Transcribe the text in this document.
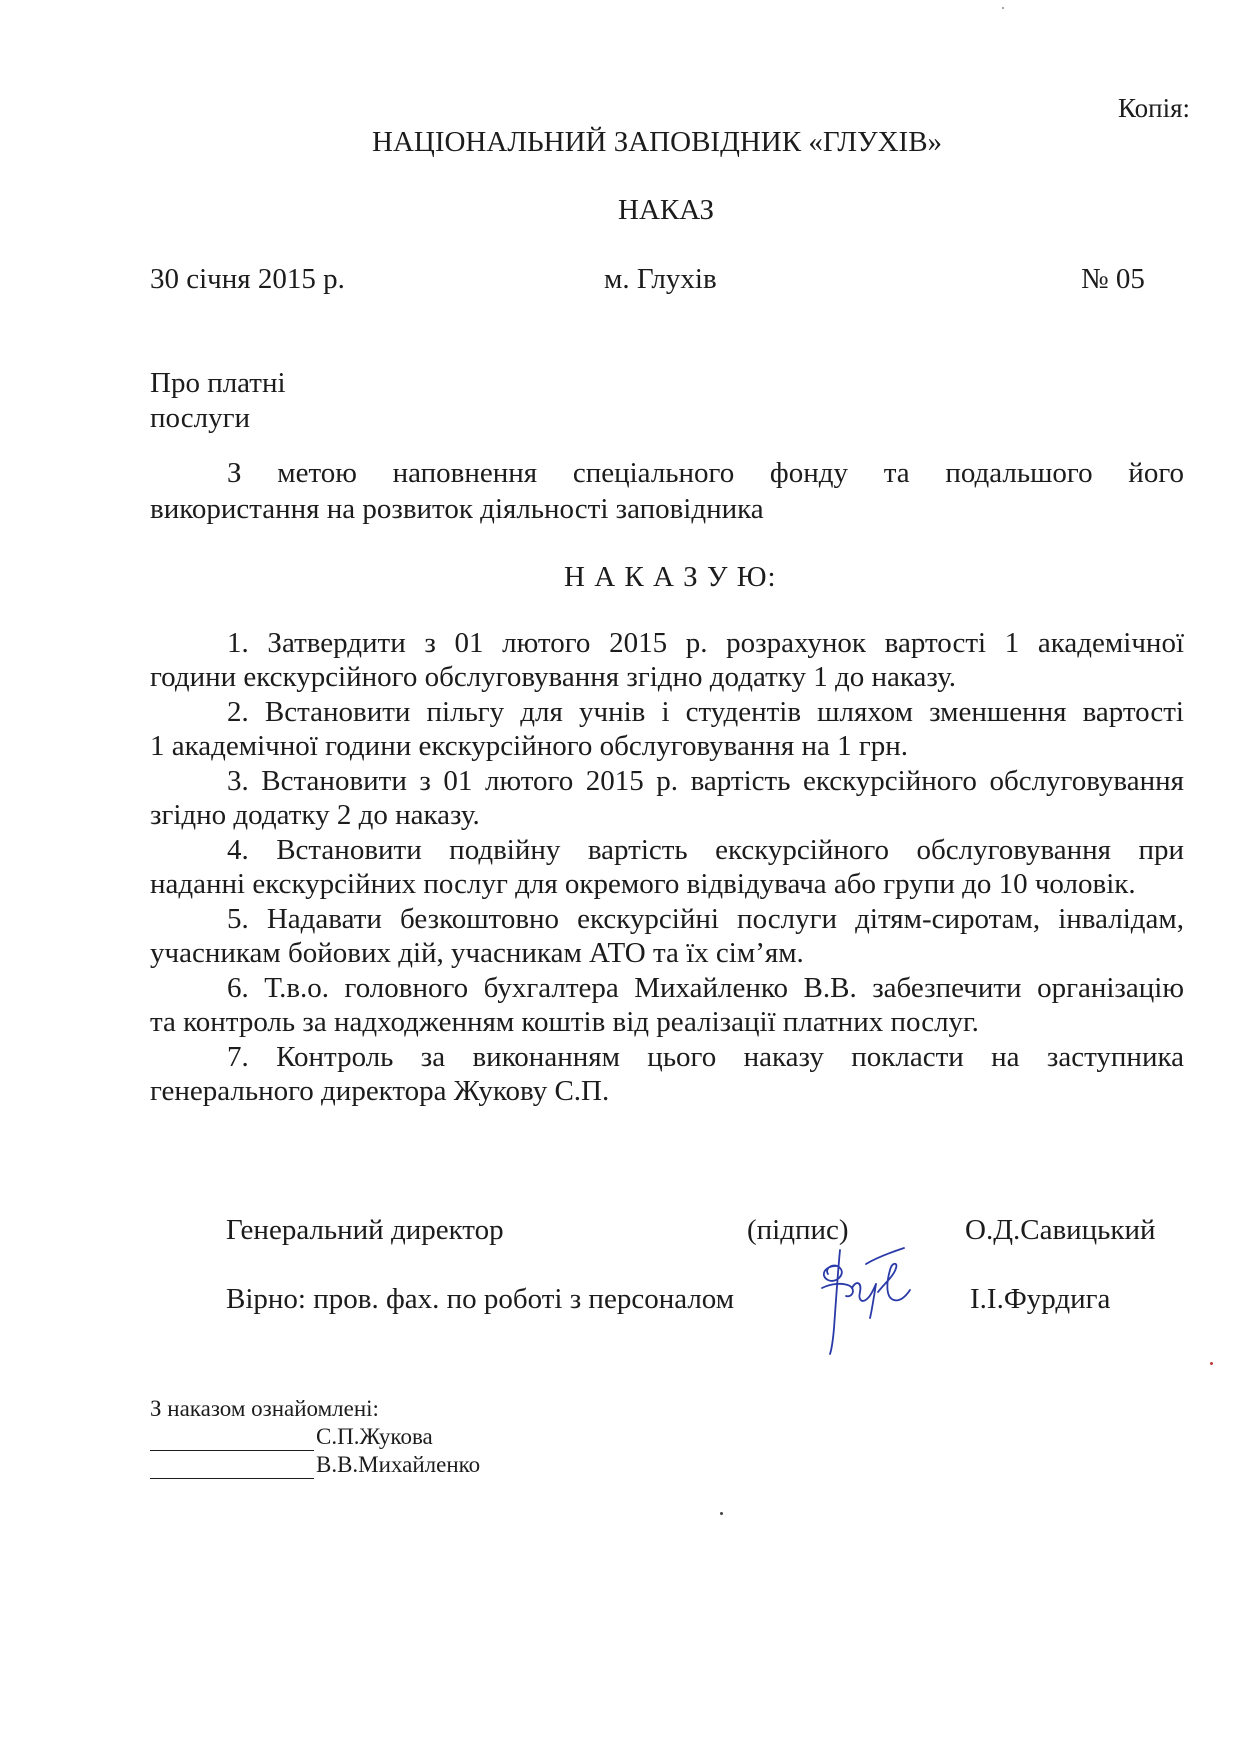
Копія:
НАЦІОНАЛЬНИЙ ЗАПОВІДНИК «ГЛУХІВ»
НАКАЗ
30 січня 2015 р.	м. Глухів	№ 05
Про платні
послуги
З метою наповнення спеціального фонду та подальшого його
використання на розвиток діяльності заповідника
Н А К А З У Ю:
1. Затвердити з 01 лютого 2015 р. розрахунок вартості 1 академічної
години екскурсійного обслуговування згідно додатку 1 до наказу.
2. Встановити пільгу для учнів і студентів шляхом зменшення вартості
1 академічної години екскурсійного обслуговування на 1 грн.
3. Встановити з 01 лютого 2015 р. вартість екскурсійного обслуговування
згідно додатку 2 до наказу.
4. Встановити подвійну вартість екскурсійного обслуговування при
наданні екскурсійних послуг для окремого відвідувача або групи до 10 чоловік.
5. Надавати безкоштовно екскурсійні послуги дітям-сиротам, інвалідам,
учасникам бойових дій, учасникам АТО та їх сім’ям.
6. Т.в.о. головного бухгалтера Михайленко В.В. забезпечити організацію
та контроль за надходженням коштів від реалізації платних послуг.
7. Контроль за виконанням цього наказу покласти на заступника
генерального директора Жукову С.П.
Генеральний директор	(підпис)	О.Д.Савицький
Вірно: пров. фах. по роботі з персоналом	І.І.Фурдига
З наказом ознайомлені:
С.П.Жукова
В.В.Михайленко
